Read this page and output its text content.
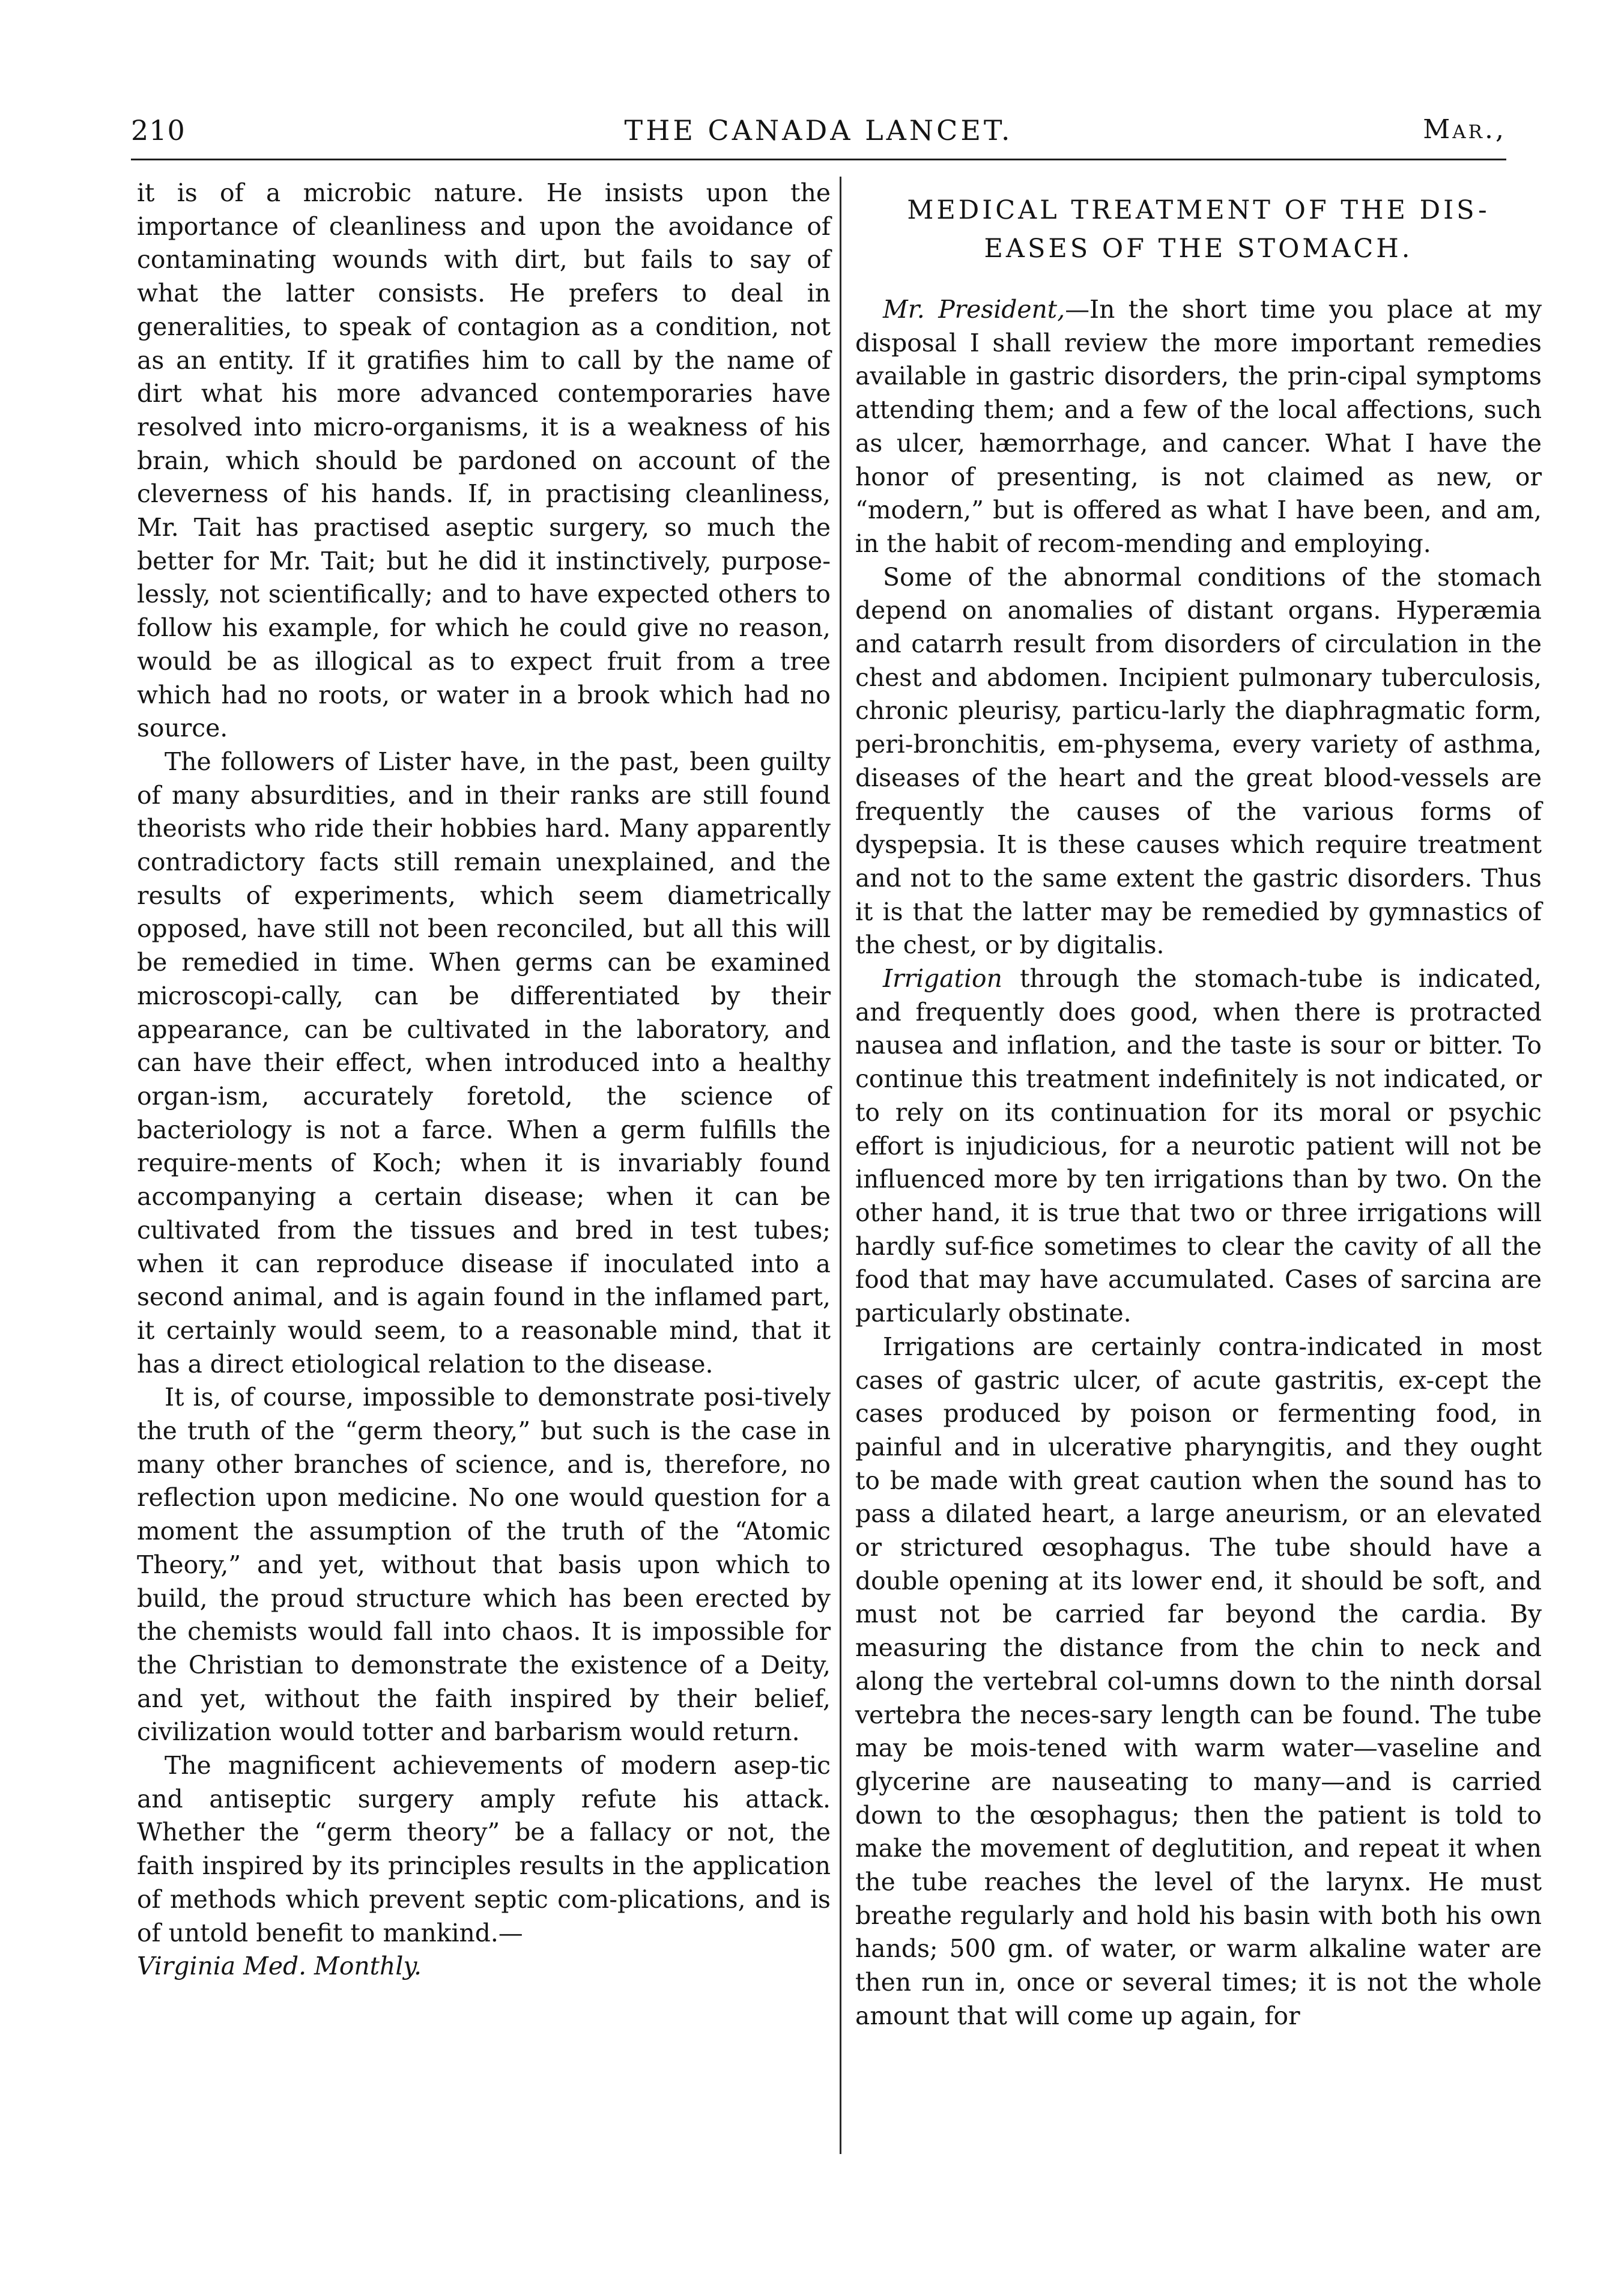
210	THE CANADA LANCET.	Mar.,

it is of a microbic nature. He insists upon the importance of cleanliness and upon the avoidance of contaminating wounds with dirt, but fails to say of what the latter consists. He prefers to deal in generalities, to speak of contagion as a condition, not as an entity. If it gratifies him to call by the name of dirt what his more advanced contemporaries have resolved into micro-organisms, it is a weakness of his brain, which should be pardoned on account of the cleverness of his hands. If, in practising cleanliness, Mr. Tait has practised aseptic surgery, so much the better for Mr. Tait; but he did it instinctively, purpose-lessly, not scientifically; and to have expected others to follow his example, for which he could give no reason, would be as illogical as to expect fruit from a tree which had no roots, or water in a brook which had no source.

The followers of Lister have, in the past, been guilty of many absurdities, and in their ranks are still found theorists who ride their hobbies hard. Many apparently contradictory facts still remain unexplained, and the results of experiments, which seem diametrically opposed, have still not been reconciled, but all this will be remedied in time. When germs can be examined microscopi-cally, can be differentiated by their appearance, can be cultivated in the laboratory, and can have their effect, when introduced into a healthy organ-ism, accurately foretold, the science of bacteriology is not a farce. When a germ fulfills the require-ments of Koch; when it is invariably found accompanying a certain disease; when it can be cultivated from the tissues and bred in test tubes; when it can reproduce disease if inoculated into a second animal, and is again found in the inflamed part, it certainly would seem, to a reasonable mind, that it has a direct etiological relation to the disease.

It is, of course, impossible to demonstrate posi-tively the truth of the “germ theory,” but such is the case in many other branches of science, and is, therefore, no reflection upon medicine. No one would question for a moment the assumption of the truth of the “Atomic Theory,” and yet, without that basis upon which to build, the proud structure which has been erected by the chemists would fall into chaos. It is impossible for the Christian to demonstrate the existence of a Deity, and yet, without the faith inspired by their belief, civilization would totter and barbarism would return.

The magnificent achievements of modern asep-tic and antiseptic surgery amply refute his attack. Whether the “germ theory” be a fallacy or not, the faith inspired by its principles results in the application of methods which prevent septic com-plications, and is of untold benefit to mankind.—
Virginia Med. Monthly.

MEDICAL TREATMENT OF THE DIS-EASES OF THE STOMACH.

Mr. President,—In the short time you place at my disposal I shall review the more important remedies available in gastric disorders, the prin-cipal symptoms attending them; and a few of the local affections, such as ulcer, hæmorrhage, and cancer. What I have the honor of presenting, is not claimed as new, or “modern,” but is offered as what I have been, and am, in the habit of recom-mending and employing.

Some of the abnormal conditions of the stomach depend on anomalies of distant organs. Hyperæmia and catarrh result from disorders of circulation in the chest and abdomen. Incipient pulmonary tuberculosis, chronic pleurisy, particu-larly the diaphragmatic form, peri-bronchitis, em-physema, every variety of asthma, diseases of the heart and the great blood-vessels are frequently the causes of the various forms of dyspepsia. It is these causes which require treatment and not to the same extent the gastric disorders. Thus it is that the latter may be remedied by gymnastics of the chest, or by digitalis.

Irrigation through the stomach-tube is indicated, and frequently does good, when there is protracted nausea and inflation, and the taste is sour or bitter. To continue this treatment indefinitely is not indicated, or to rely on its continuation for its moral or psychic effort is injudicious, for a neurotic patient will not be influenced more by ten irrigations than by two. On the other hand, it is true that two or three irrigations will hardly suf-fice sometimes to clear the cavity of all the food that may have accumulated. Cases of sarcina are particularly obstinate.

Irrigations are certainly contra-indicated in most cases of gastric ulcer, of acute gastritis, ex-cept the cases produced by poison or fermenting food, in painful and in ulcerative pharyngitis, and they ought to be made with great caution when the sound has to pass a dilated heart, a large aneurism, or an elevated or strictured œsophagus. The tube should have a double opening at its lower end, it should be soft, and must not be carried far beyond the cardia. By measuring the distance from the chin to neck and along the vertebral col-umns down to the ninth dorsal vertebra the neces-sary length can be found. The tube may be mois-tened with warm water—vaseline and glycerine are nauseating to many—and is carried down to the œsophagus; then the patient is told to make the movement of deglutition, and repeat it when the tube reaches the level of the larynx. He must breathe regularly and hold his basin with both his own hands; 500 gm. of water, or warm alkaline water are then run in, once or several times; it is not the whole amount that will come up again, for
